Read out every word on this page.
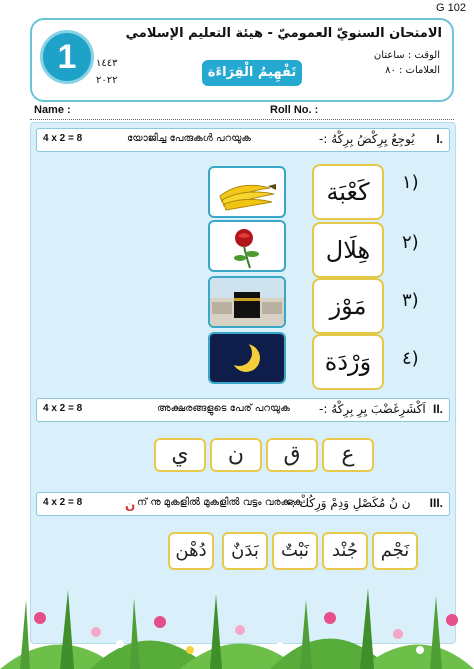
G 102
1
الامتحان السنويّ العموميّ - هيئة التعليم الإسلامي
الوقت : ساعتان
العلامات : ٨٠
١٤٤٣
٢٠٢٢
تَفْهِيمُ الْقِرَاءَة
Name :	Roll No. :
4 x 2 = 8	യോജിച്ച പേരുകൾ പറയുക	يُوجِعُ يِرِكْضُ بِرِكْهُ :- I.
١)
كَعْبَة
٢)
هِلَال
٣)
مَوْز
٤)
وَرْدَة
4 x 2 = 8	അക്ഷരങ്ങളുടെ പേര് പറയുക اَكْشَرِغَضْبَ يِرِ بِرِكْهُ :- II.
ع
ق
ن
ي
4 x 2 = 8	ن ന് നു മുകളിൽ മുകളിൽ വട്ടം വരക്കുക
ن نُ مُكَصْلِ وَدِمْ وَرِكُكْ :- III.
نَجْم
جُنْد
نَبْتٌ
بَدَنٌ
دُهْن
